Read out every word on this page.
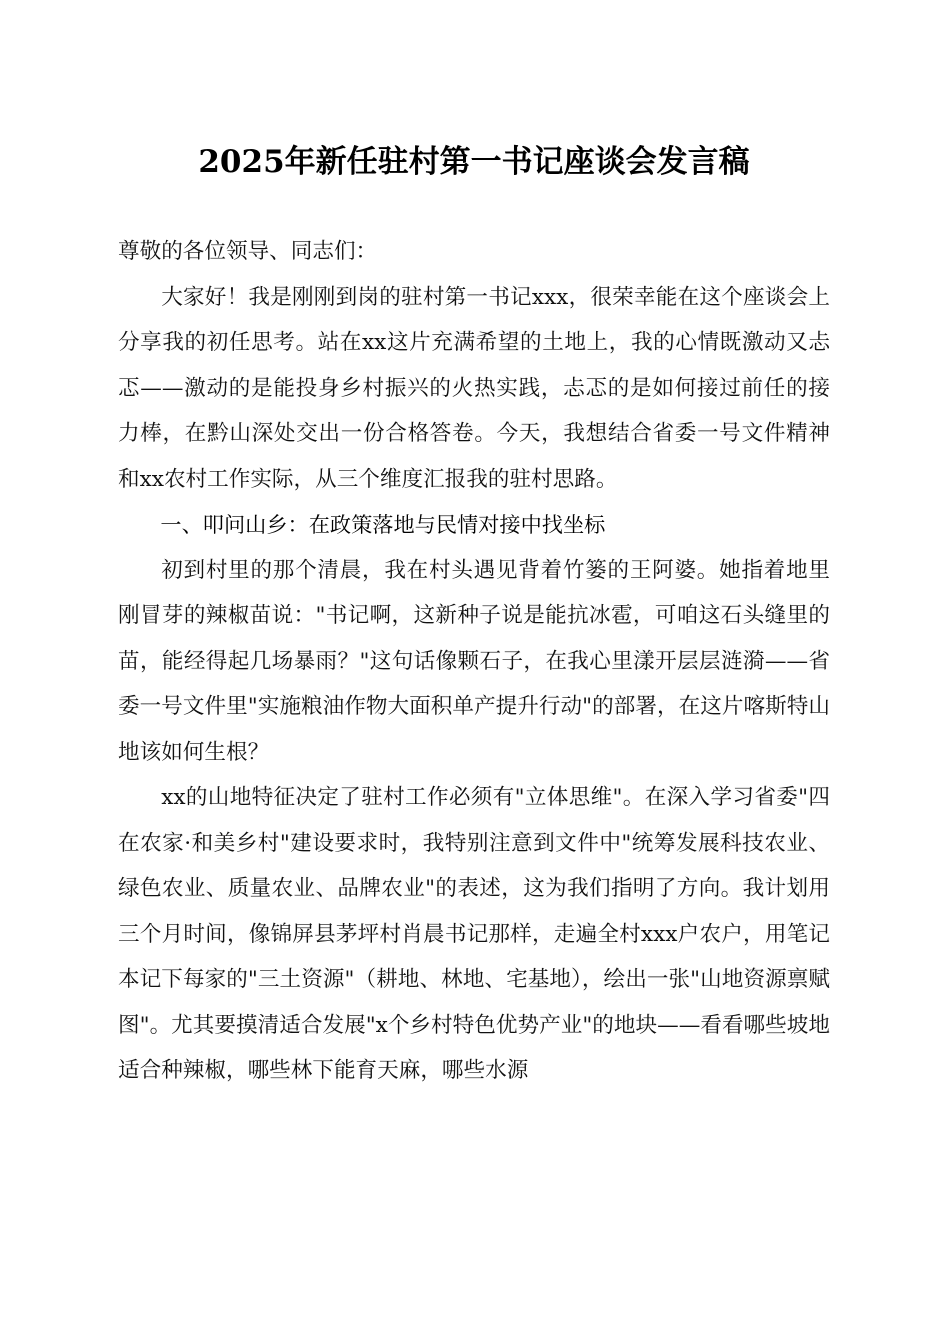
2025年新任驻村第一书记座谈会发言稿

尊敬的各位领导、同志们：

大家好！我是刚刚到岗的驻村第一书记xxx，很荣幸能在这个座谈会上分享我的初任思考。站在xx这片充满希望的土地上，我的心情既激动又忐忑——激动的是能投身乡村振兴的火热实践，忐忑的是如何接过前任的接力棒，在黔山深处交出一份合格答卷。今天，我想结合省委一号文件精神和xx农村工作实际，从三个维度汇报我的驻村思路。

一、叩问山乡：在政策落地与民情对接中找坐标

初到村里的那个清晨，我在村头遇见背着竹篓的王阿婆。她指着地里刚冒芽的辣椒苗说："书记啊，这新种子说是能抗冰雹，可咱这石头缝里的苗，能经得起几场暴雨？"这句话像颗石子，在我心里漾开层层涟漪——省委一号文件里"实施粮油作物大面积单产提升行动"的部署，在这片喀斯特山地该如何生根？

xx的山地特征决定了驻村工作必须有"立体思维"。在深入学习省委"四在农家·和美乡村"建设要求时，我特别注意到文件中"统筹发展科技农业、绿色农业、质量农业、品牌农业"的表述，这为我们指明了方向。我计划用三个月时间，像锦屏县茅坪村肖晨书记那样，走遍全村xxx户农户，用笔记本记下每家的"三土资源"（耕地、林地、宅基地），绘出一张"山地资源禀赋图"。尤其要摸清适合发展"x个乡村特色优势产业"的地块——看看哪些坡地适合种辣椒，哪些林下能育天麻，哪些水源
